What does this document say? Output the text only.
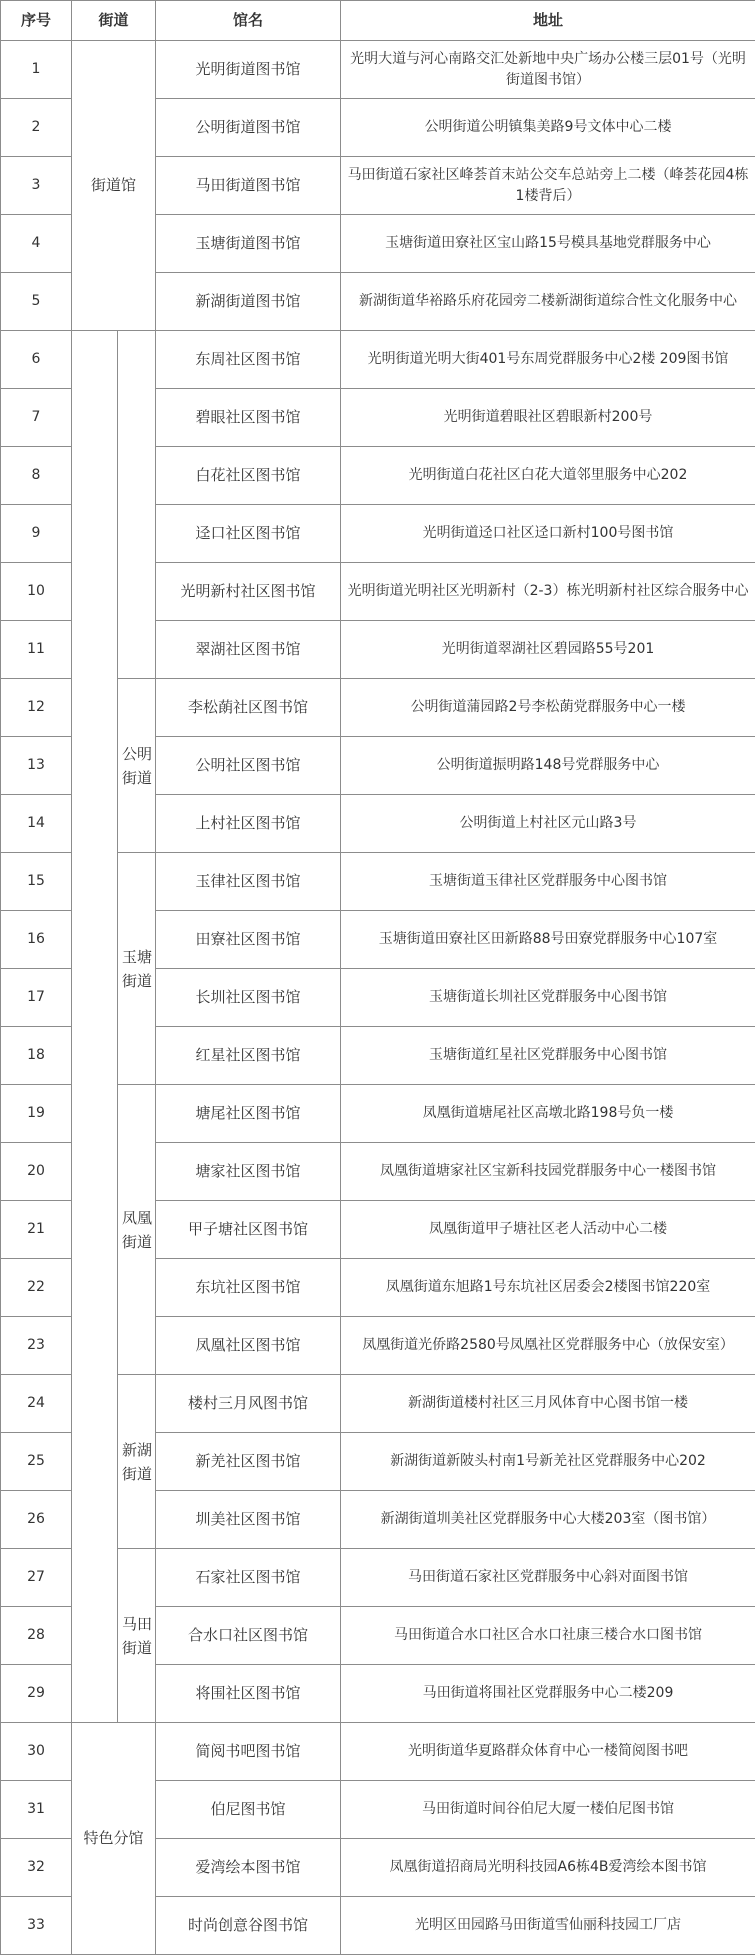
序号	街道		馆名	地址
1	街道馆		光明街道图书馆	光明大道与河心南路交汇处新地中央广场办公楼三层01号（光明街道图书馆）
2			公明街道图书馆	公明街道公明镇集美路9号文体中心二楼
3			马田街道图书馆	马田街道石家社区峰荟首末站公交车总站旁上二楼（峰荟花园4栋1楼背后）
4			玉塘街道图书馆	玉塘街道田寮社区宝山路15号模具基地党群服务中心
5			新湖街道图书馆	新湖街道华裕路乐府花园旁二楼新湖街道综合性文化服务中心
6			东周社区图书馆	光明街道光明大街401号东周党群服务中心2楼 209图书馆
7			碧眼社区图书馆	光明街道碧眼社区碧眼新村200号
8			白花社区图书馆	光明街道白花社区白花大道邻里服务中心202
9			迳口社区图书馆	光明街道迳口社区迳口新村100号图书馆
10			光明新村社区图书馆	光明街道光明社区光明新村（2-3）栋光明新村社区综合服务中心
11			翠湖社区图书馆	光明街道翠湖社区碧园路55号201
12		公明街道	李松蓢社区图书馆	公明街道蒲园路2号李松蓢党群服务中心一楼
13			公明社区图书馆	公明街道振明路148号党群服务中心
14			上村社区图书馆	公明街道上村社区元山路3号
15		玉塘街道	玉律社区图书馆	玉塘街道玉律社区党群服务中心图书馆
16			田寮社区图书馆	玉塘街道田寮社区田新路88号田寮党群服务中心107室
17			长圳社区图书馆	玉塘街道长圳社区党群服务中心图书馆
18			红星社区图书馆	玉塘街道红星社区党群服务中心图书馆
19		凤凰街道	塘尾社区图书馆	凤凰街道塘尾社区高墩北路198号负一楼
20			塘家社区图书馆	凤凰街道塘家社区宝新科技园党群服务中心一楼图书馆
21			甲子塘社区图书馆	凤凰街道甲子塘社区老人活动中心二楼
22			东坑社区图书馆	凤凰街道东旭路1号东坑社区居委会2楼图书馆220室
23			凤凰社区图书馆	凤凰街道光侨路2580号凤凰社区党群服务中心（放保安室）
24		新湖街道	楼村三月风图书馆	新湖街道楼村社区三月风体育中心图书馆一楼
25			新羌社区图书馆	新湖街道新陂头村南1号新羌社区党群服务中心202
26			圳美社区图书馆	新湖街道圳美社区党群服务中心大楼203室（图书馆）
27		马田街道	石家社区图书馆	马田街道石家社区党群服务中心斜对面图书馆
28			合水口社区图书馆	马田街道合水口社区合水口社康三楼合水口图书馆
29			将围社区图书馆	马田街道将围社区党群服务中心二楼209
30	特色分馆		简阅书吧图书馆	光明街道华夏路群众体育中心一楼简阅图书吧
31			伯尼图书馆	马田街道时间谷伯尼大厦一楼伯尼图书馆
32			爱湾绘本图书馆	凤凰街道招商局光明科技园A6栋4B爱湾绘本图书馆
33			时尚创意谷图书馆	光明区田园路马田街道雪仙丽科技园工厂店
